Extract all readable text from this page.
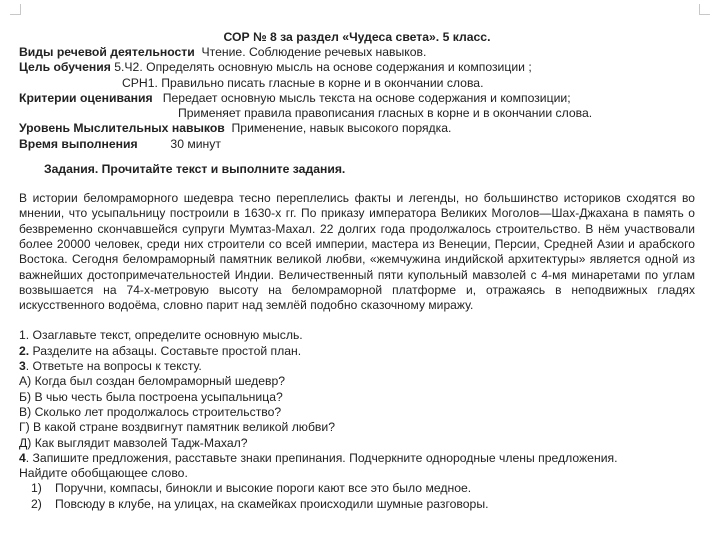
СОР № 8 за раздел «Чудеса света». 5 класс.
Виды речевой деятельности Чтение. Соблюдение речевых навыков.
Цель обучения 5.Ч2. Определять основную мысль на основе содержания и композиции ;
СРН1. Правильно писать гласные в корне и в окончании слова.
Критерии оценивания Передает основную мысль текста на основе содержания и композиции;
Применяет правила правописания гласных в корне и в окончании слова.
Уровень Мыслительных навыков Применение, навык высокого порядка.
Время выполнения	30 минут
Задания. Прочитайте текст и выполните задания.
В истории беломраморного шедевра тесно переплелись факты и легенды, но большинство историков сходятся во мнении, что усыпальницу построили в 1630-х гг. По приказу императора Великих Моголов—Шах-Джахана в память о безвременно скончавшейся супруги Мумтаз-Махал. 22 долгих года продолжалось строительство. В нём участвовали более 20000 человек, среди них строители со всей империи, мастера из Венеции, Персии, Средней Азии и арабского Востока. Сегодня беломраморный памятник великой любви, «жемчужина индийской архитектуры» является одной из важнейших достопримечательностей Индии. Величественный пяти купольный мавзолей с 4-мя минаретами по углам возвышается на 74-х-метровую высоту на беломраморной платформе и, отражаясь в неподвижных гладях искусственного водоёма, словно парит над землёй подобно сказочному миражу.
1. Озаглавьте текст, определите основную мысль.
2. Разделите на абзацы. Составьте простой план.
3. Ответьте на вопросы к тексту.
А) Когда был создан беломраморный шедевр?
Б) В чью честь была построена усыпальница?
В) Сколько лет продолжалось строительство?
Г) В какой стране воздвигнут памятник великой любви?
Д) Как выглядит мавзолей Тадж-Махал?
4. Запишите предложения, расставьте знаки препинания. Подчеркните однородные члены предложения.
Найдите обобщающее слово.
1) Поручни, компасы, бинокли и высокие пороги кают все это было медное.
2) Повсюду в клубе, на улицах, на скамейках происходили шумные разговоры.
